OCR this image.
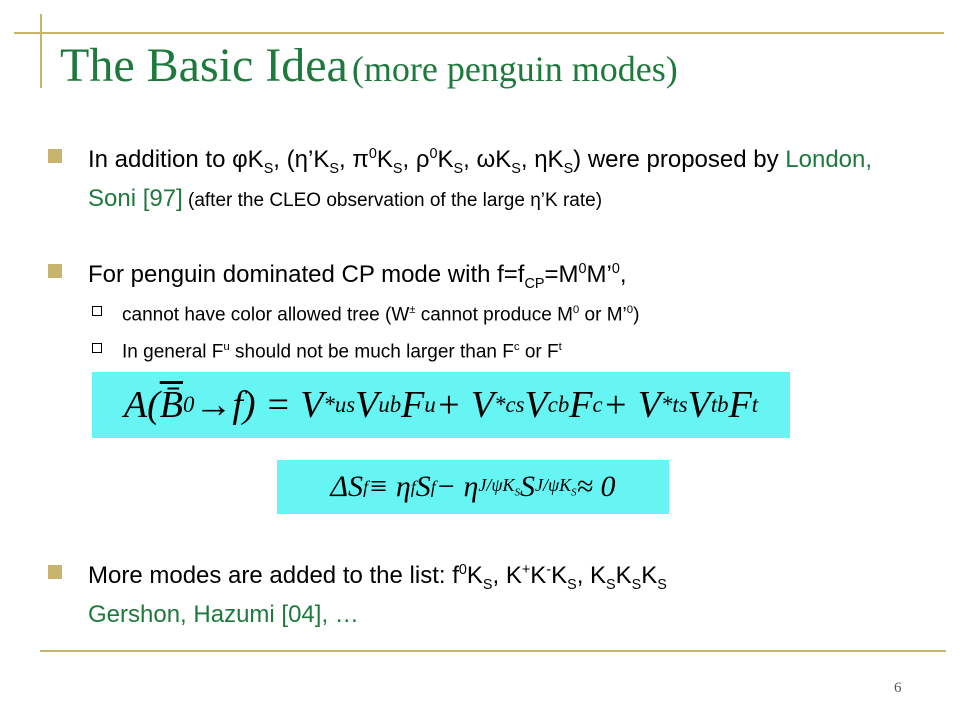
The Basic Idea (more penguin modes)
In addition to $\varphi K_S$, ($\eta’K_S$, $\pi^0K_S$, $\rho^0K_S$, $\omega K_S$, $\eta K_S$) were proposed by London, Soni [97] (after the CLEO observation of the large η’K rate)
For penguin dominated CP mode with $f=f_{CP}=M^0M’^0$,
cannot have color allowed tree (W± cannot produce $M^0$ or M’$^0$)
In general $F^u$ should not be much larger than $F^c$ or $F^t$
A( B̄ 0 → f ) = V * us V ub F u + V * cs V cb F c + V * ts V tb F t
ΔS f ≡ η f S f − η $J/\psi K_S$ S $J/\psi K_S \approx 0$
More modes are added to the list: $f^0K_S$, $K^+K^-K_S$, $K_SK_SK_S$
Gershon, Hazumi [04], …
6
